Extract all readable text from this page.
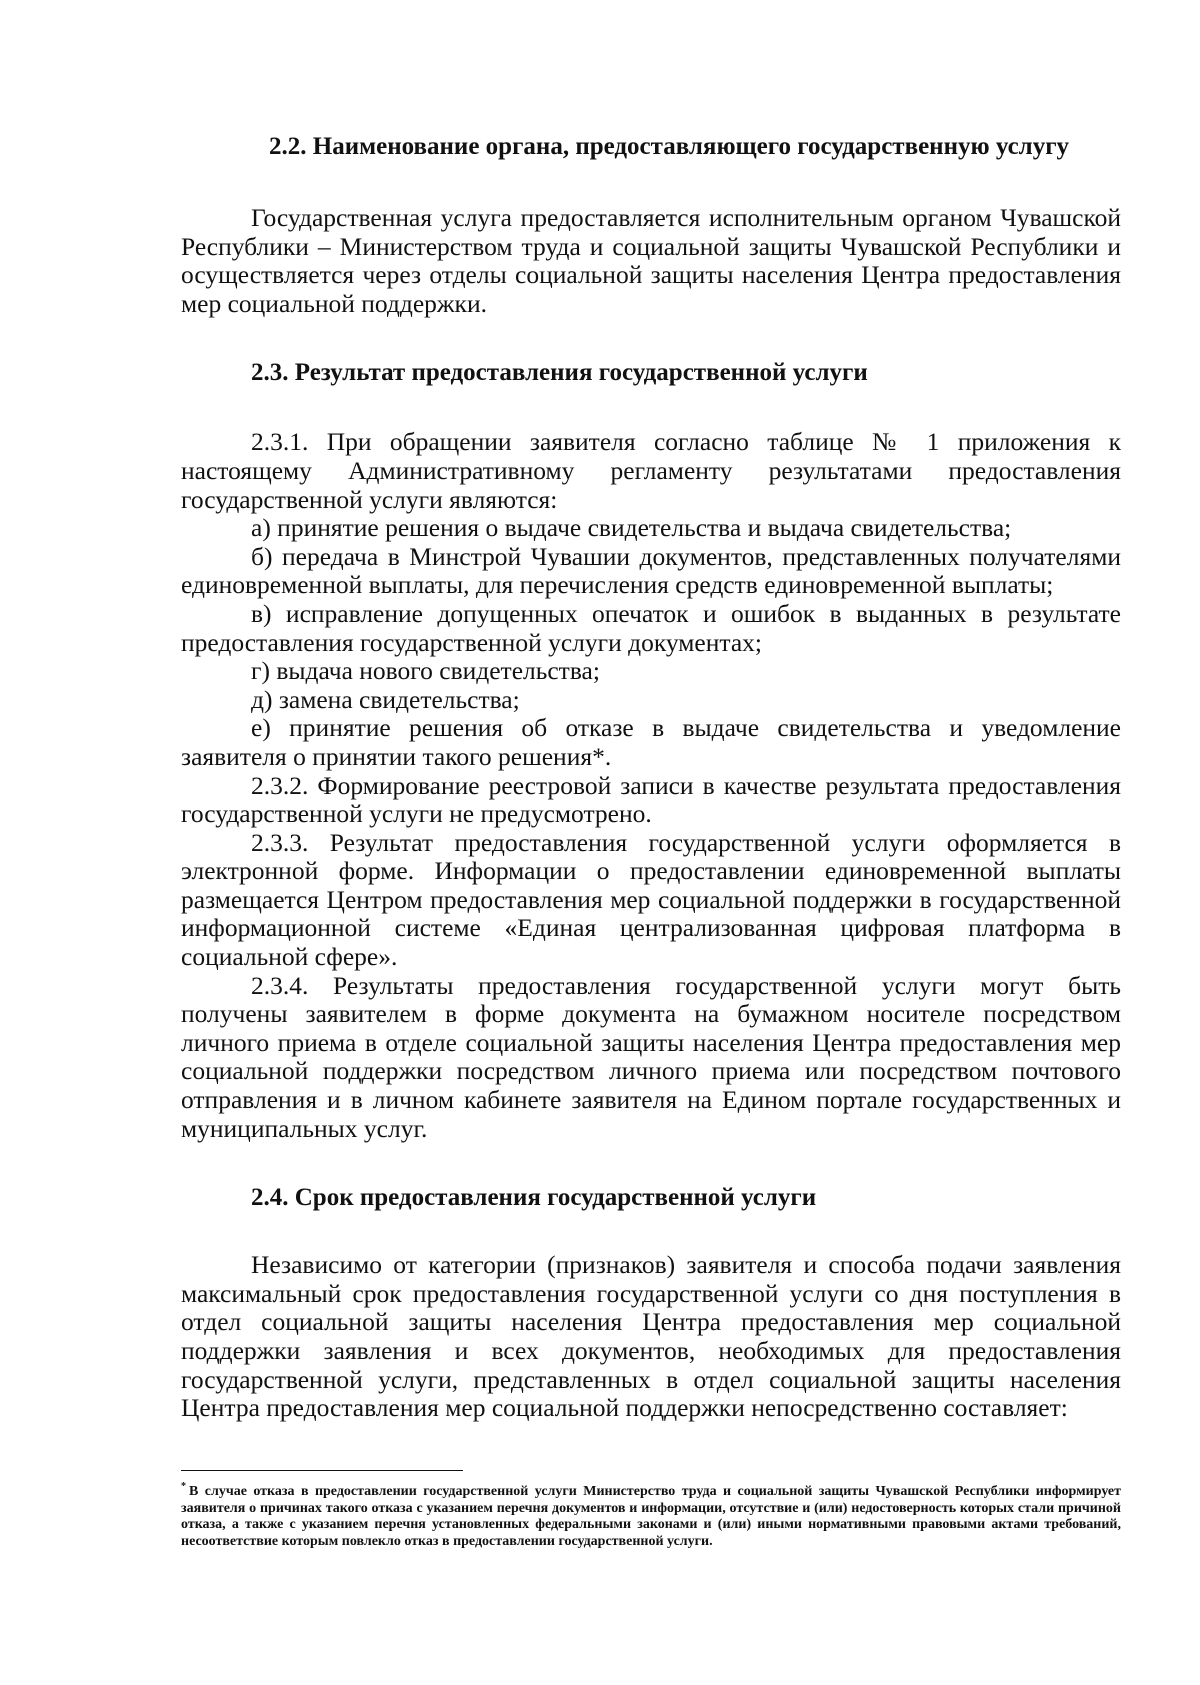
2.2. Наименование органа, предоставляющего государственную услугу

Государственная услуга предоставляется исполнительным органом Чувашской Республики – Министерством труда и социальной защиты Чувашской Республики и осуществляется через отделы социальной защиты населения Центра предоставления мер социальной поддержки.

2.3. Результат предоставления государственной услуги

2.3.1. При обращении заявителя согласно таблице № 1 приложения к настоящему Административному регламенту результатами предоставления государственной услуги являются:

а) принятие решения о выдаче свидетельства и выдача свидетельства;

б) передача в Минстрой Чувашии документов, представленных получателями единовременной выплаты, для перечисления средств единовременной выплаты;

в) исправление допущенных опечаток и ошибок в выданных в результате предоставления государственной услуги документах;

г) выдача нового свидетельства;

д) замена свидетельства;

е) принятие решения об отказе в выдаче свидетельства и уведомление заявителя о принятии такого решения*.

2.3.2. Формирование реестровой записи в качестве результата предоставления государственной услуги не предусмотрено.

2.3.3. Результат предоставления государственной услуги оформляется в электронной форме. Информации о предоставлении единовременной выплаты размещается Центром предоставления мер социальной поддержки в государственной информационной системе «Единая централизованная цифровая платформа в социальной сфере».

2.3.4. Результаты предоставления государственной услуги могут быть получены заявителем в форме документа на бумажном носителе посредством личного приема в отделе социальной защиты населения Центра предоставления мер социальной поддержки посредством личного приема или посредством почтового отправления и в личном кабинете заявителя на Едином портале государственных и муниципальных услуг.

2.4. Срок предоставления государственной услуги

Независимо от категории (признаков) заявителя и способа подачи заявления максимальный срок предоставления государственной услуги со дня поступления в отдел социальной защиты населения Центра предоставления мер социальной поддержки заявления и всех документов, необходимых для предоставления государственной услуги, представленных в отдел социальной защиты населения Центра предоставления мер социальной поддержки непосредственно составляет:

* В случае отказа в предоставлении государственной услуги Министерство труда и социальной защиты Чувашской Республики информирует заявителя о причинах такого отказа с указанием перечня документов и информации, отсутствие и (или) недостоверность которых стали причиной отказа, а также с указанием перечня установленных федеральными законами и (или) иными нормативными правовыми актами требований, несоответствие которым повлекло отказ в предоставлении государственной услуги.
